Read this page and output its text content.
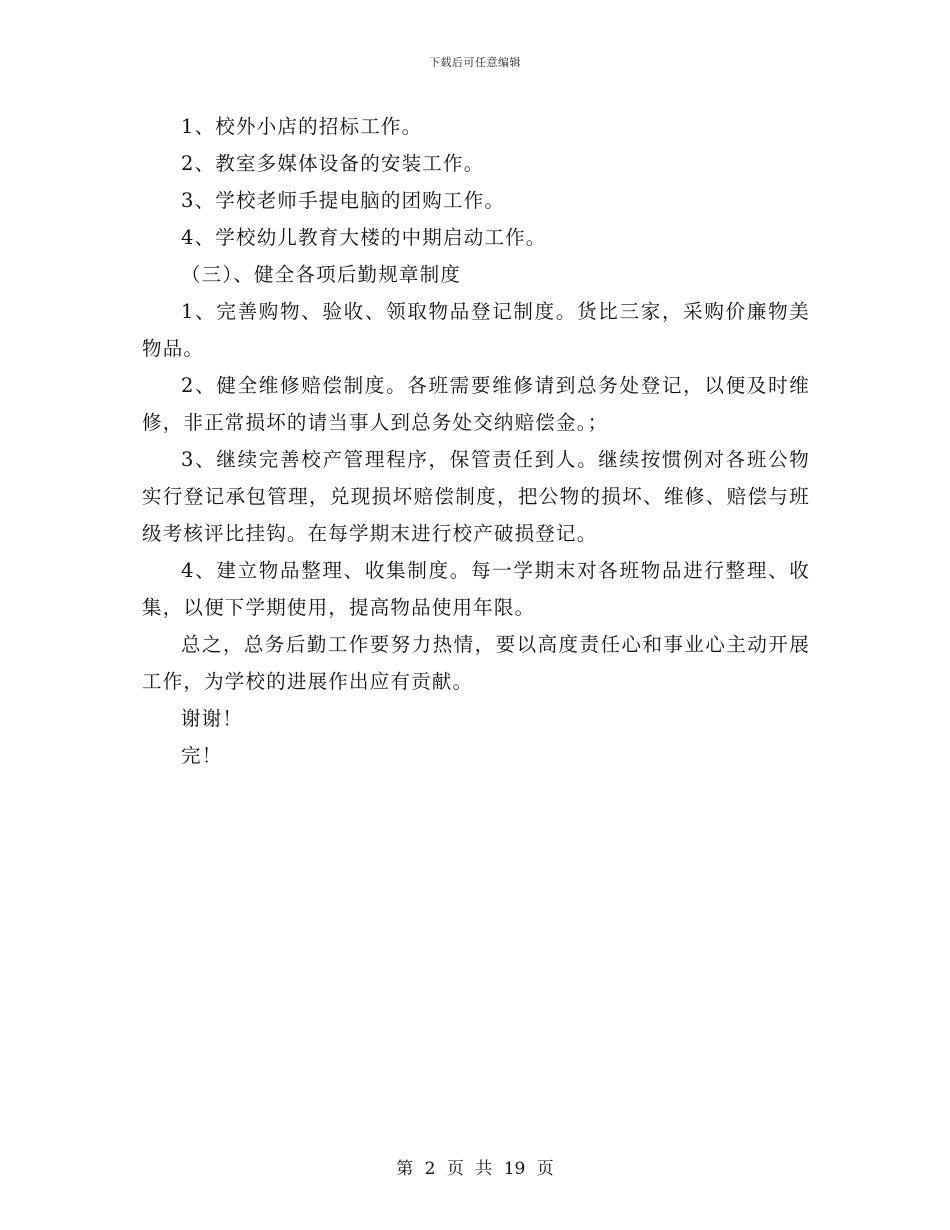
下载后可任意编辑

1、校外小店的招标工作。

2、教室多媒体设备的安装工作。

3、学校老师手提电脑的团购工作。

4、学校幼儿教育大楼的中期启动工作。

（三）、健全各项后勤规章制度

1、完善购物、验收、领取物品登记制度。货比三家，采购价廉物美物品。

2、健全维修赔偿制度。各班需要维修请到总务处登记，以便及时维修，非正常损坏的请当事人到总务处交纳赔偿金。；

3、继续完善校产管理程序，保管责任到人。继续按惯例对各班公物实行登记承包管理，兑现损坏赔偿制度，把公物的损坏、维修、赔偿与班级考核评比挂钩。在每学期末进行校产破损登记。

4、建立物品整理、收集制度。每一学期末对各班物品进行整理、收集，以便下学期使用，提高物品使用年限。

总之，总务后勤工作要努力热情，要以高度责任心和事业心主动开展工作，为学校的进展作出应有贡献。

谢谢！

完！

第 2 页 共 19 页
